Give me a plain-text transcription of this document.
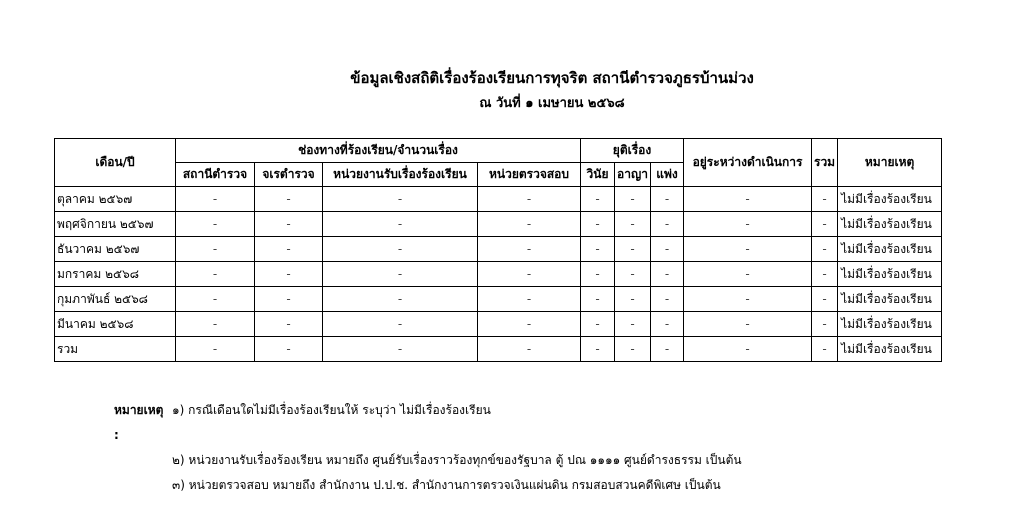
ข้อมูลเชิงสถิติเรื่องร้องเรียนการทุจริต สถานีตำรวจภูธรบ้านม่วง
ณ วันที่ ๑ เมษายน ๒๕๖๘
เดือน/ปี	ช่องทางที่ร้องเรียน/จำนวนเรื่อง				ยุติเรื่อง			อยู่ระหว่างดำเนินการ	รวม	หมายเหตุ
	สถานีตำรวจ	จเรตำรวจ	หน่วยงานรับเรื่องร้องเรียน	หน่วยตรวจสอบ	วินัย	อาญา	แพ่ง			
ตุลาคม ๒๕๖๗	-	-	-	-	-	-	-	-	-	ไม่มีเรื่องร้องเรียน
พฤศจิกายน ๒๕๖๗	-	-	-	-	-	-	-	-	-	ไม่มีเรื่องร้องเรียน
ธันวาคม ๒๕๖๗	-	-	-	-	-	-	-	-	-	ไม่มีเรื่องร้องเรียน
มกราคม ๒๕๖๘	-	-	-	-	-	-	-	-	-	ไม่มีเรื่องร้องเรียน
กุมภาพันธ์ ๒๕๖๘	-	-	-	-	-	-	-	-	-	ไม่มีเรื่องร้องเรียน
มีนาคม ๒๕๖๘	-	-	-	-	-	-	-	-	-	ไม่มีเรื่องร้องเรียน
รวม	-	-	-	-	-	-	-	-	-	ไม่มีเรื่องร้องเรียน
หมายเหตุ :
๑) กรณีเดือนใดไม่มีเรื่องร้องเรียนให้ ระบุว่า ไม่มีเรื่องร้องเรียน
๒) หน่วยงานรับเรื่องร้องเรียน หมายถึง ศูนย์รับเรื่องราวร้องทุกข์ของรัฐบาล ตู้ ปณ ๑๑๑๑ ศูนย์ดำรงธรรม เป็นต้น
๓) หน่วยตรวจสอบ หมายถึง สำนักงาน ป.ป.ช. สำนักงานการตรวจเงินแผ่นดิน กรมสอบสวนคดีพิเศษ เป็นต้น
